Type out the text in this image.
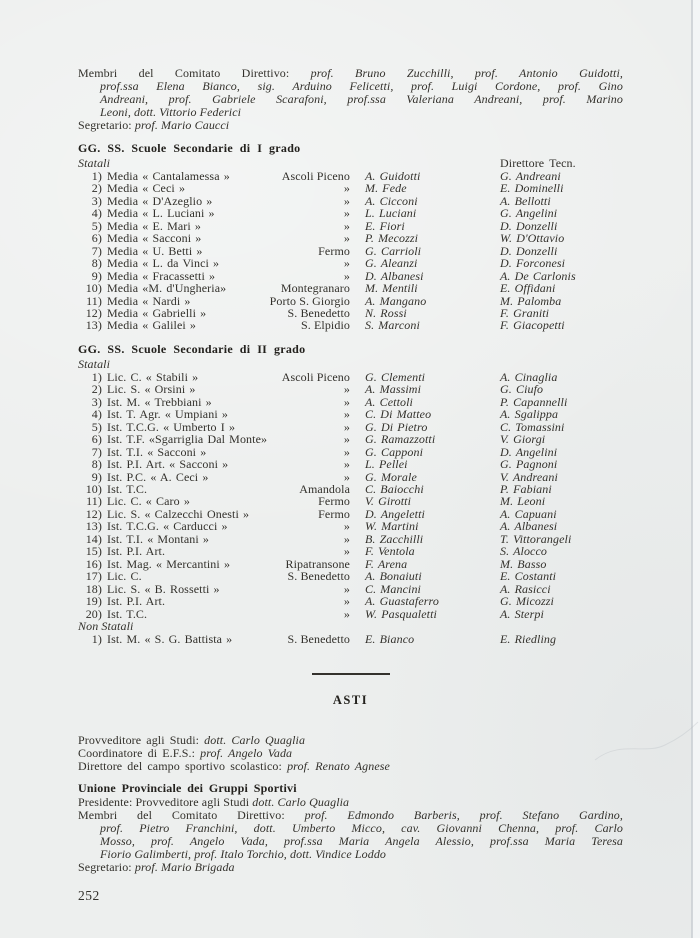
Membri del Comitato Direttivo: prof. Bruno Zucchilli, prof. Antonio Guidotti,
prof.ssa Elena Bianco, sig. Arduino Felicetti, prof. Luigi Cordone, prof. Gino
Andreani, prof. Gabriele Scarafoni, prof.ssa Valeriana Andreani, prof. Marino
Leoni, dott. Vittorio Federici
Segretario: prof. Mario Caucci
GG. SS. Scuole Secondarie di I grado
Statali	Direttore Tecn.
1) Media « Cantalamessa »	Ascoli Piceno	A. Guidotti	G. Andreani
2) Media « Ceci »	»	M. Fede	E. Dominelli
3) Media « D'Azeglio »	»	A. Cicconi	A. Bellotti
4) Media « L. Luciani »	»	L. Luciani	G. Angelini
5) Media « E. Mari »	»	E. Fiori	D. Donzelli
6) Media « Sacconi »	»	P. Mecozzi	W. D'Ottavio
7) Media « U. Betti »	Fermo	G. Carrioli	D. Donzelli
8) Media « L. da Vinci »	»	G. Aleanzi	D. Forconesi
9) Media « Fracassetti »	»	D. Albanesi	A. De Carlonis
10) Media «M. d'Ungheria»	Montegranaro	M. Mentili	E. Offidani
11) Media « Nardi »	Porto S. Giorgio	A. Mangano	M. Palomba
12) Media « Gabrielli »	S. Benedetto	N. Rossi	F. Graniti
13) Media « Galilei »	S. Elpidio	S. Marconi	F. Giacopetti
GG. SS. Scuole Secondarie di II grado
Statali
1) Lic. C. « Stabili »	Ascoli Piceno	G. Clementi	A. Cinaglia
2) Lic. S. « Orsini »	»	A. Massimi	G. Ciufo
3) Ist. M. « Trebbiani »	»	A. Cettoli	P. Capannelli
4) Ist. T. Agr. « Umpiani »	»	C. Di Matteo	A. Sgalippa
5) Ist. T.C.G. « Umberto I »	»	G. Di Pietro	C. Tomassini
6) Ist. T.F. «Sgarriglia Dal Monte»	»	G. Ramazzotti	V. Giorgi
7) Ist. T.I. « Sacconi »	»	G. Capponi	D. Angelini
8) Ist. P.I. Art. « Sacconi »	»	L. Pellei	G. Pagnoni
9) Ist. P.C. « A. Ceci »	»	G. Morale	V. Andreani
10) Ist. T.C.	Amandola	C. Baiocchi	P. Fabiani
11) Lic. C. « Caro »	Fermo	V. Girotti	M. Leoni
12) Lic. S. « Calzecchi Onesti »	Fermo	D. Angeletti	A. Capuani
13) Ist. T.C.G. « Carducci »	»	W. Martini	A. Albanesi
14) Ist. T.I. « Montani »	»	B. Zacchilli	T. Vittorangeli
15) Ist. P.I. Art.	»	F. Ventola	S. Alocco
16) Ist. Mag. « Mercantini »	Ripatransone	F. Arena	M. Basso
17) Lic. C.	S. Benedetto	A. Bonaiuti	E. Costanti
18) Lic. S. « B. Rossetti »	»	C. Mancini	A. Rasicci
19) Ist. P.I. Art.	»	A. Guastaferro	G. Micozzi
20) Ist. T.C.	»	W. Pasqualetti	A. Sterpi
Non Statali
1) Ist. M. « S. G. Battista »	S. Benedetto	E. Bianco	E. Riedling
ASTI
Provveditore agli Studi: dott. Carlo Quaglia
Coordinatore di E.F.S.: prof. Angelo Vada
Direttore del campo sportivo scolastico: prof. Renato Agnese
Unione Provinciale dei Gruppi Sportivi
Presidente: Provveditore agli Studi dott. Carlo Quaglia
Membri del Comitato Direttivo: prof. Edmondo Barberis, prof. Stefano Gardino,
prof. Pietro Franchini, dott. Umberto Micco, cav. Giovanni Chenna, prof. Carlo
Mosso, prof. Angelo Vada, prof.ssa Maria Angela Alessio, prof.ssa Maria Teresa
Fiorio Galimberti, prof. Italo Torchio, dott. Vindice Loddo
Segretario: prof. Mario Brigada
252
